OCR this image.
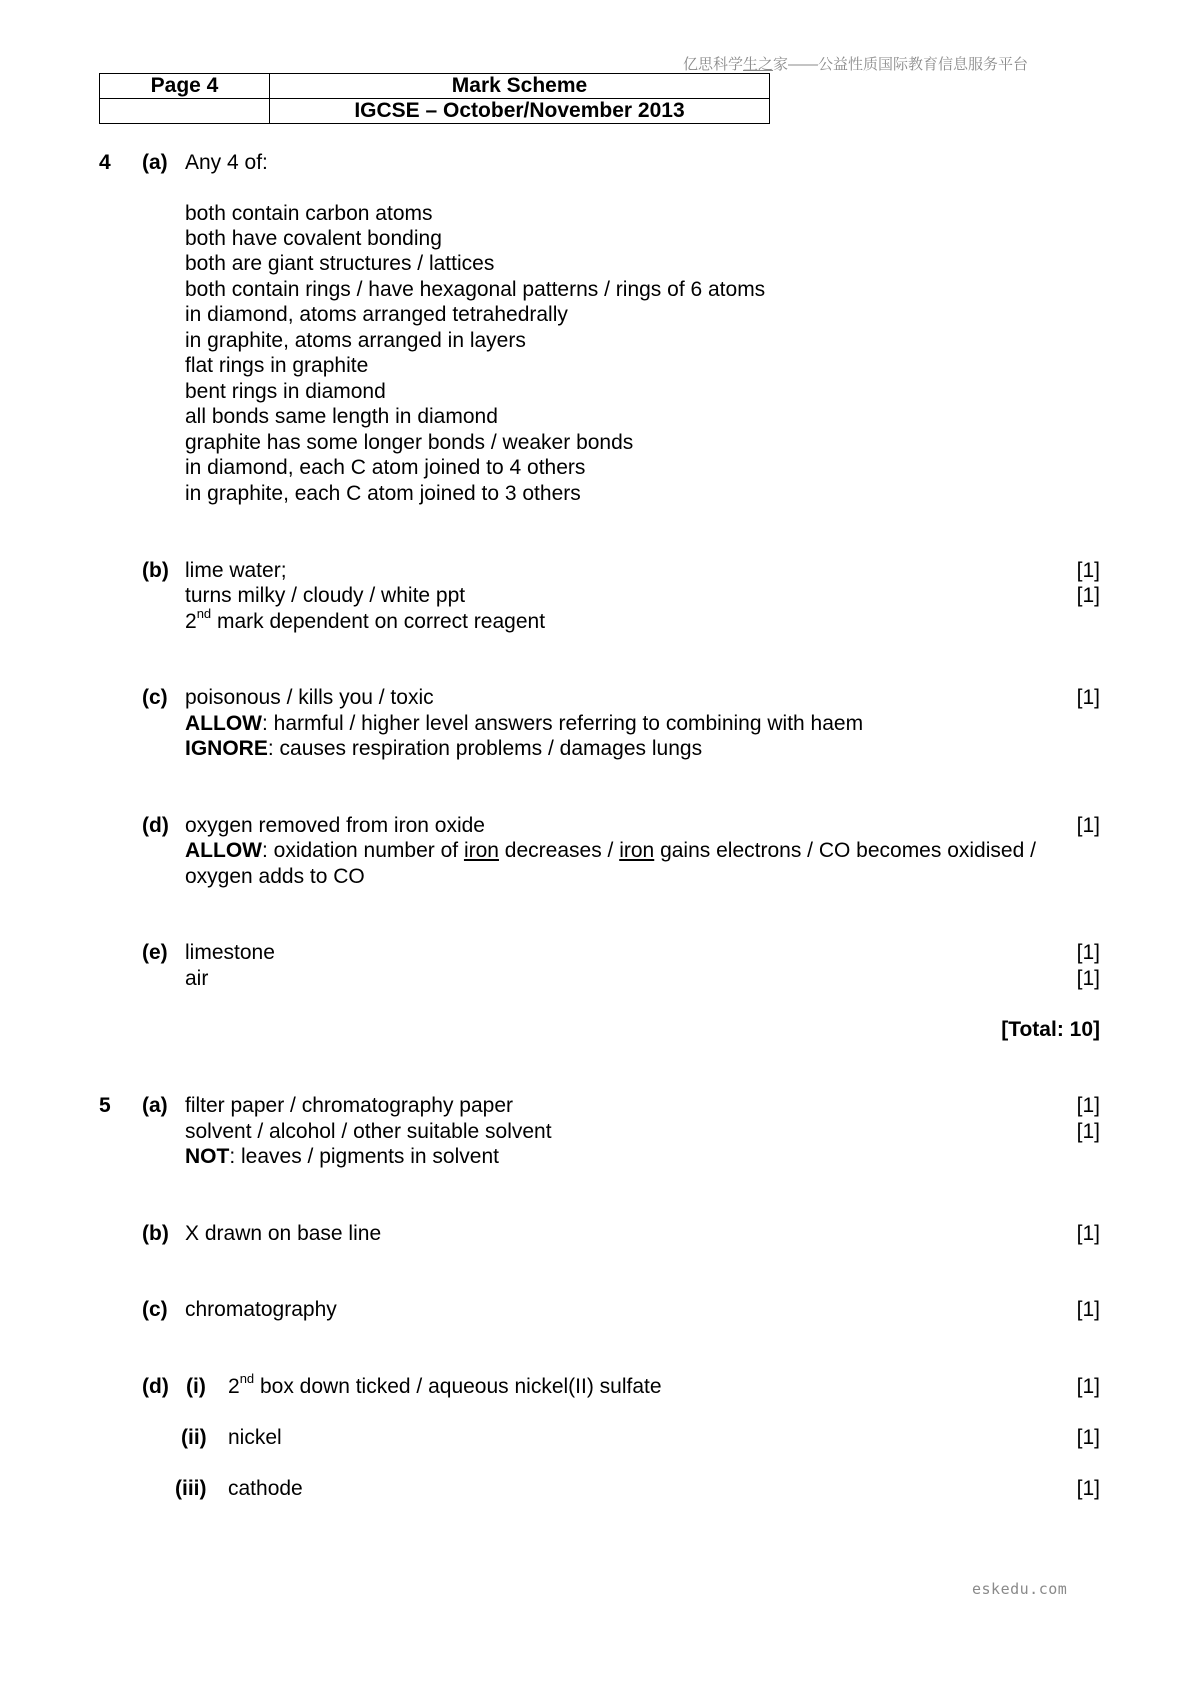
亿思科学生之家——公益性质国际教育信息服务平台
eskedu.com
Page 4	Mark Scheme
	IGCSE – October/November 2013
4 (a) Any 4 of:
both contain carbon atoms
both have covalent bonding
both are giant structures / lattices
both contain rings / have hexagonal patterns / rings of 6 atoms
in diamond, atoms arranged tetrahedrally
in graphite, atoms arranged in layers
flat rings in graphite
bent rings in diamond
all bonds same length in diamond
graphite has some longer bonds / weaker bonds
in diamond, each C atom joined to 4 others
in graphite, each C atom joined to 3 others
(b) lime water;	[1]
turns milky / cloudy / white ppt	[1]
2nd mark dependent on correct reagent
(c) poisonous / kills you / toxic	[1]
ALLOW: harmful / higher level answers referring to combining with haem
IGNORE: causes respiration problems / damages lungs
(d) oxygen removed from iron oxide	[1]
ALLOW: oxidation number of iron decreases / iron gains electrons / CO becomes oxidised /
oxygen adds to CO
(e) limestone	[1]
air	[1]
[Total: 10]
5 (a) filter paper / chromatography paper	[1]
solvent / alcohol / other suitable solvent	[1]
NOT: leaves / pigments in solvent
(b) X drawn on base line	[1]
(c) chromatography	[1]
(d) (i) 2nd box down ticked / aqueous nickel(II) sulfate	[1]
(ii) nickel	[1]
(iii) cathode	[1]
